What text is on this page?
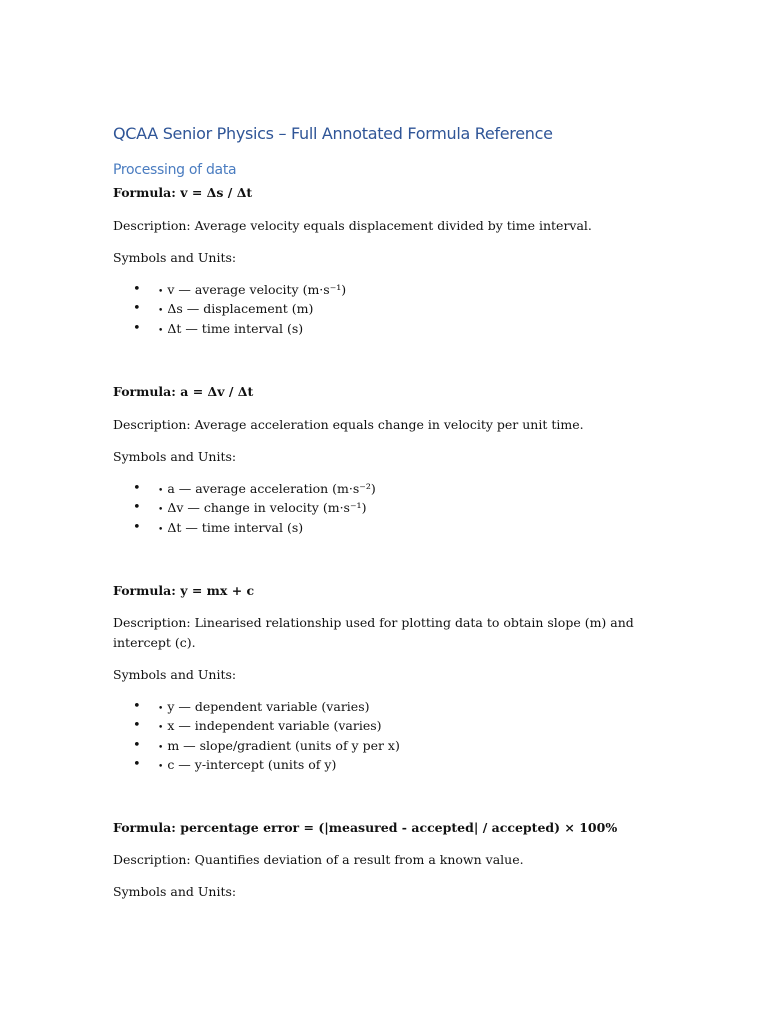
QCAA Senior Physics – Full Annotated Formula Reference
Processing of data

Formula: v = Δs / Δt

Description: Average velocity equals displacement divided by time interval.

Symbols and Units:

• • v — average velocity (m·s⁻¹)
• • Δs — displacement (m)
• • Δt — time interval (s)

Formula: a = Δv / Δt

Description: Average acceleration equals change in velocity per unit time.

Symbols and Units:

• • a — average acceleration (m·s⁻²)
• • Δv — change in velocity (m·s⁻¹)
• • Δt — time interval (s)

Formula: y = mx + c

Description: Linearised relationship used for plotting data to obtain slope (m) and intercept (c).

Symbols and Units:

• • y — dependent variable (varies)
• • x — independent variable (varies)
• • m — slope/gradient (units of y per x)
• • c — y-intercept (units of y)

Formula: percentage error = (|measured - accepted| / accepted) × 100%

Description: Quantifies deviation of a result from a known value.

Symbols and Units:
